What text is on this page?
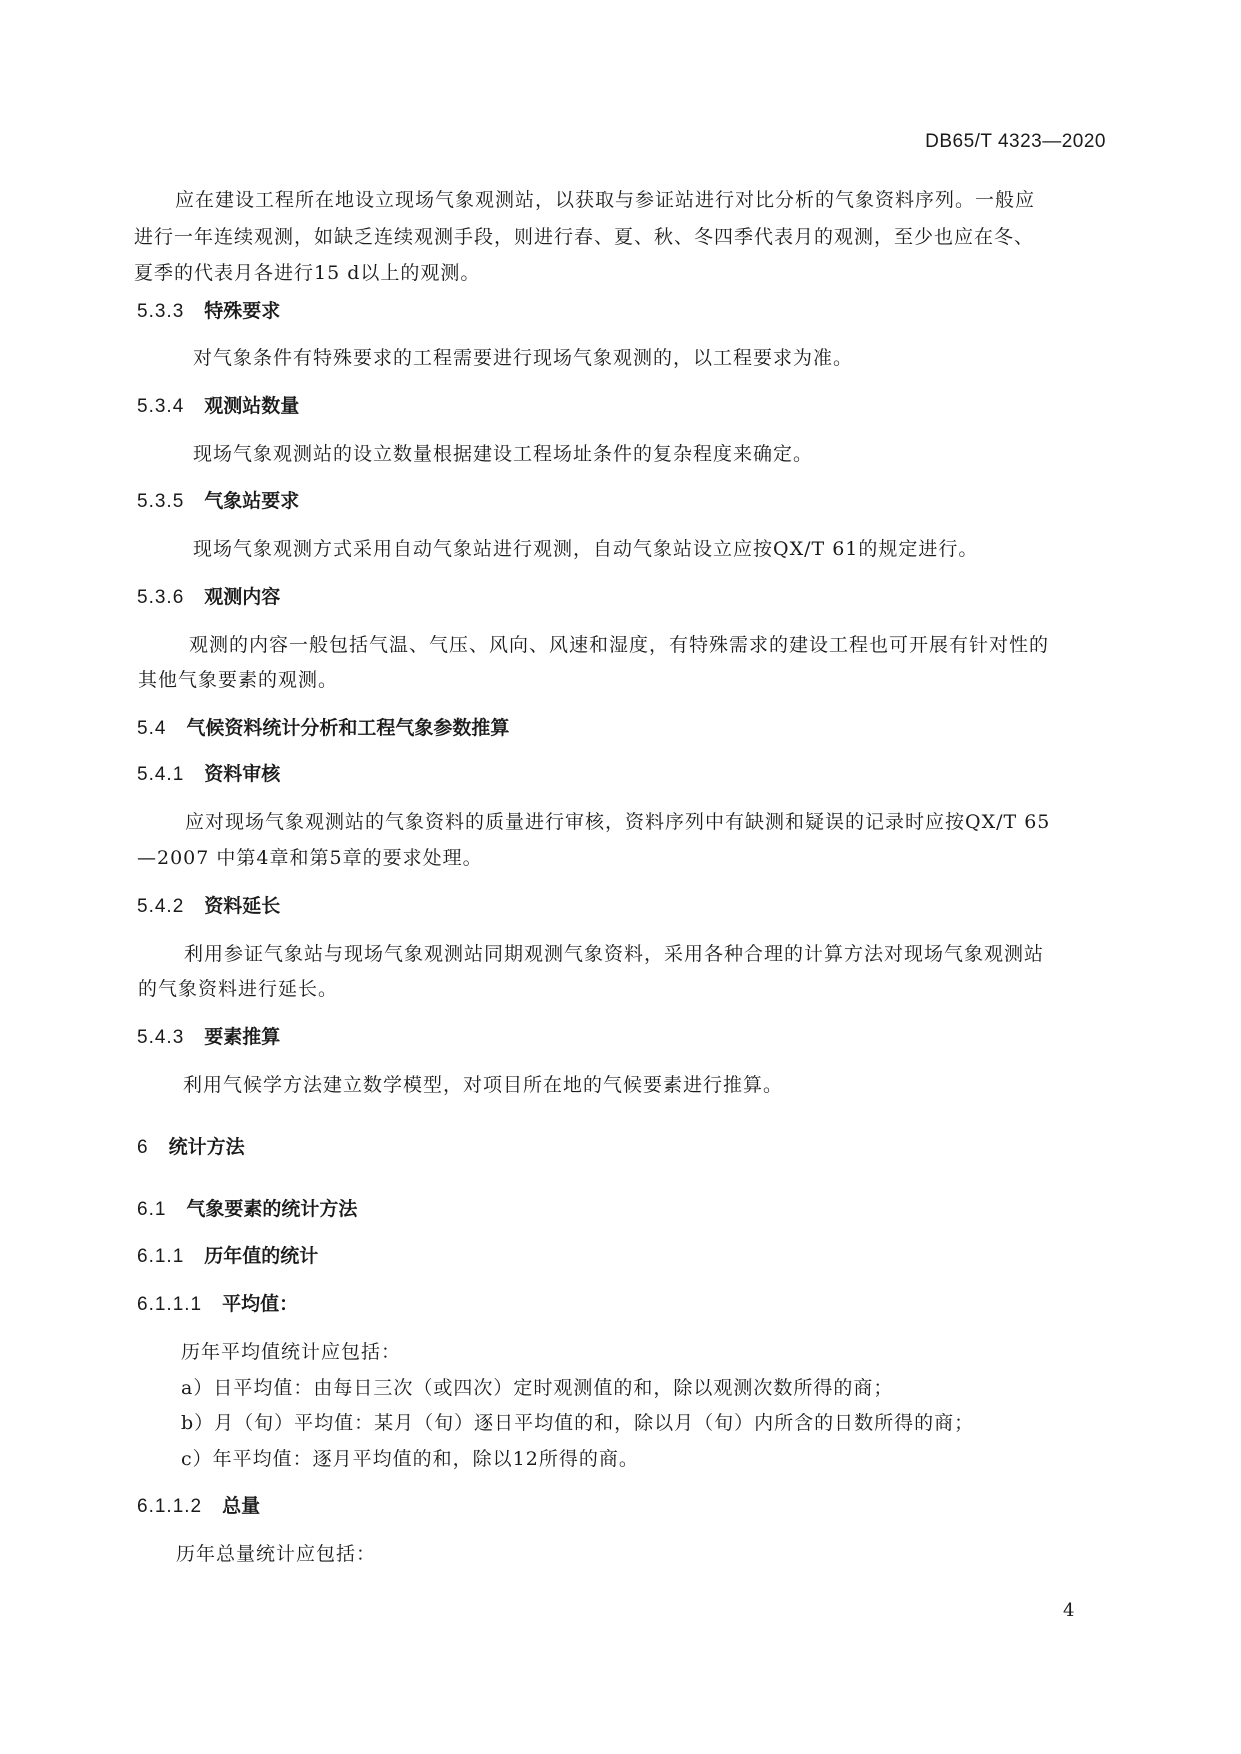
DB65/T 4323—2020
应在建设工程所在地设立现场气象观测站，以获取与参证站进行对比分析的气象资料序列。一般应
进行一年连续观测，如缺乏连续观测手段，则进行春、夏、秋、冬四季代表月的观测，至少也应在冬、
夏季的代表月各进行15 d以上的观测。
5.3.3 特殊要求
对气象条件有特殊要求的工程需要进行现场气象观测的，以工程要求为准。
5.3.4 观测站数量
现场气象观测站的设立数量根据建设工程场址条件的复杂程度来确定。
5.3.5 气象站要求
现场气象观测方式采用自动气象站进行观测，自动气象站设立应按QX/T 61的规定进行。
5.3.6 观测内容
观测的内容一般包括气温、气压、风向、风速和湿度，有特殊需求的建设工程也可开展有针对性的
其他气象要素的观测。
5.4 气候资料统计分析和工程气象参数推算
5.4.1 资料审核
应对现场气象观测站的气象资料的质量进行审核，资料序列中有缺测和疑误的记录时应按QX/T 65
—2007 中第4章和第5章的要求处理。
5.4.2 资料延长
利用参证气象站与现场气象观测站同期观测气象资料，采用各种合理的计算方法对现场气象观测站
的气象资料进行延长。
5.4.3 要素推算
利用气候学方法建立数学模型，对项目所在地的气候要素进行推算。
6 统计方法
6.1 气象要素的统计方法
6.1.1 历年值的统计
6.1.1.1 平均值：
历年平均值统计应包括：
a）日平均值：由每日三次（或四次）定时观测值的和，除以观测次数所得的商；
b）月（旬）平均值：某月（旬）逐日平均值的和，除以月（旬）内所含的日数所得的商；
c）年平均值：逐月平均值的和，除以12所得的商。
6.1.1.2 总量
历年总量统计应包括：
4
